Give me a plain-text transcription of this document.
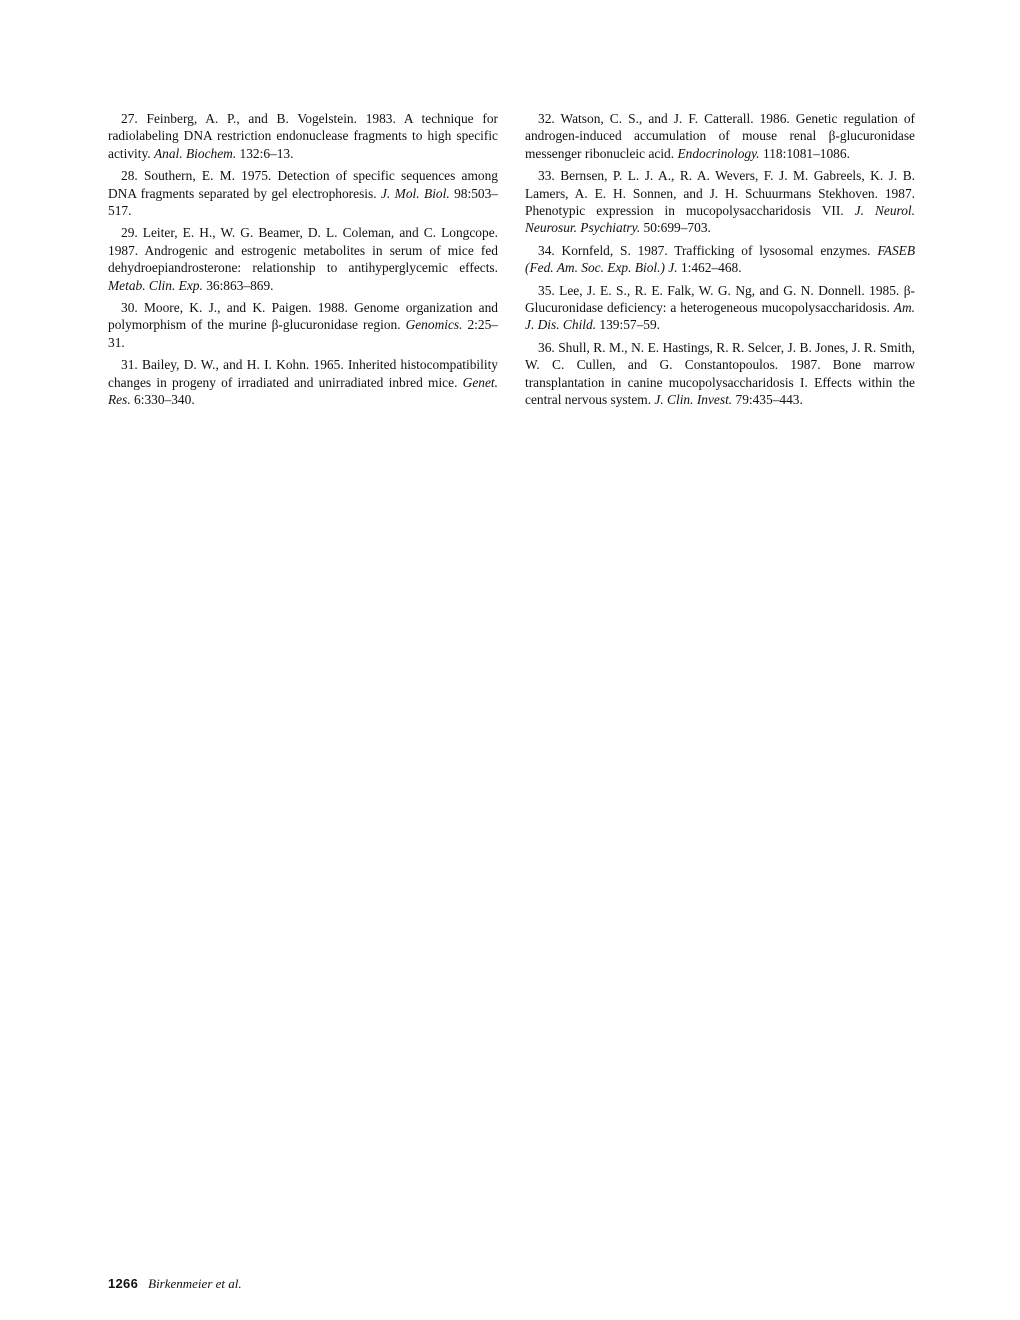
27. Feinberg, A. P., and B. Vogelstein. 1983. A technique for radiolabeling DNA restriction endonuclease fragments to high specific activity. Anal. Biochem. 132:6–13.

28. Southern, E. M. 1975. Detection of specific sequences among DNA fragments separated by gel electrophoresis. J. Mol. Biol. 98:503–517.

29. Leiter, E. H., W. G. Beamer, D. L. Coleman, and C. Longcope. 1987. Androgenic and estrogenic metabolites in serum of mice fed dehydroepiandrosterone: relationship to antihyperglycemic effects. Metab. Clin. Exp. 36:863–869.

30. Moore, K. J., and K. Paigen. 1988. Genome organization and polymorphism of the murine β-glucuronidase region. Genomics. 2:25–31.

31. Bailey, D. W., and H. I. Kohn. 1965. Inherited histocompatibility changes in progeny of irradiated and unirradiated inbred mice. Genet. Res. 6:330–340.

32. Watson, C. S., and J. F. Catterall. 1986. Genetic regulation of androgen-induced accumulation of mouse renal β-glucuronidase messenger ribonucleic acid. Endocrinology. 118:1081–1086.

33. Bernsen, P. L. J. A., R. A. Wevers, F. J. M. Gabreels, K. J. B. Lamers, A. E. H. Sonnen, and J. H. Schuurmans Stekhoven. 1987. Phenotypic expression in mucopolysaccharidosis VII. J. Neurol. Neurosur. Psychiatry. 50:699–703.

34. Kornfeld, S. 1987. Trafficking of lysosomal enzymes. FASEB (Fed. Am. Soc. Exp. Biol.) J. 1:462–468.

35. Lee, J. E. S., R. E. Falk, W. G. Ng, and G. N. Donnell. 1985. β-Glucuronidase deficiency: a heterogeneous mucopolysaccharidosis. Am. J. Dis. Child. 139:57–59.

36. Shull, R. M., N. E. Hastings, R. R. Selcer, J. B. Jones, J. R. Smith, W. C. Cullen, and G. Constantopoulos. 1987. Bone marrow transplantation in canine mucopolysaccharidosis I. Effects within the central nervous system. J. Clin. Invest. 79:435–443.

1266 Birkenmeier et al.
